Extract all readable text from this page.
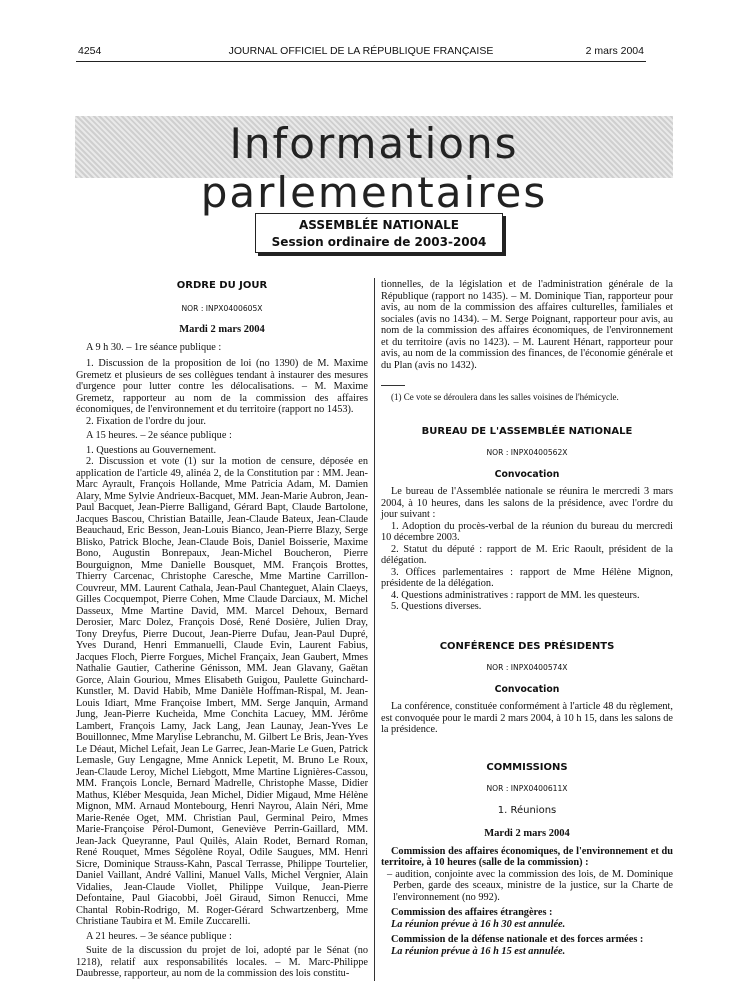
4254	JOURNAL OFFICIEL DE LA RÉPUBLIQUE FRANÇAISE	2 mars 2004
Informations parlementaires
ASSEMBLÉE NATIONALE
Session ordinaire de 2003-2004

ORDRE DU JOUR

NOR : INPX0400605X

Mardi 2 mars 2004

A 9 h 30. – 1re séance publique :

1. Discussion de la proposition de loi (no 1390) de M. Maxime Gremetz et plusieurs de ses collègues tendant à instaurer des mesures d'urgence pour lutter contre les délocalisations. – M. Maxime Gremetz, rapporteur au nom de la commission des affaires économiques, de l'environnement et du territoire (rapport no 1453).

2. Fixation de l'ordre du jour.

A 15 heures. – 2e séance publique :

1. Questions au Gouvernement.

2. Discussion et vote (1) sur la motion de censure, déposée en application de l'article 49, alinéa 2, de la Constitution par : MM. Jean-Marc Ayrault, François Hollande, Mme Patricia Adam, M. Damien Alary, Mme Sylvie Andrieux-Bacquet, MM. Jean-Marie Aubron, Jean-Paul Bacquet, Jean-Pierre Balligand, Gérard Bapt, Claude Bartolone, Jacques Bascou, Christian Bataille, Jean-Claude Bateux, Jean-Claude Beauchaud, Eric Besson, Jean-Louis Bianco, Jean-Pierre Blazy, Serge Blisko, Patrick Bloche, Jean-Claude Bois, Daniel Boisserie, Maxime Bono, Augustin Bonrepaux, Jean-Michel Boucheron, Pierre Bourguignon, Mme Danielle Bousquet, MM. François Brottes, Thierry Carcenac, Christophe Caresche, Mme Martine Carrillon-Couvreur, MM. Laurent Cathala, Jean-Paul Chanteguet, Alain Claeys, Gilles Cocquempot, Pierre Cohen, Mme Claude Darciaux, M. Michel Dasseux, Mme Martine David, MM. Marcel Dehoux, Bernard Derosier, Marc Dolez, François Dosé, René Dosière, Julien Dray, Tony Dreyfus, Pierre Ducout, Jean-Pierre Dufau, Jean-Paul Dupré, Yves Durand, Henri Emmanuelli, Claude Evin, Laurent Fabius, Jacques Floch, Pierre Forgues, Michel Françaix, Jean Gaubert, Mmes Nathalie Gautier, Catherine Génisson, MM. Jean Glavany, Gaëtan Gorce, Alain Gouriou, Mmes Elisabeth Guigou, Paulette Guinchard-Kunstler, M. David Habib, Mme Danièle Hoffman-Rispal, M. Jean-Louis Idiart, Mme Françoise Imbert, MM. Serge Janquin, Armand Jung, Jean-Pierre Kucheida, Mme Conchita Lacuey, MM. Jérôme Lambert, François Lamy, Jack Lang, Jean Launay, Jean-Yves Le Bouillonnec, Mme Marylise Lebranchu, M. Gilbert Le Bris, Jean-Yves Le Déaut, Michel Lefait, Jean Le Garrec, Jean-Marie Le Guen, Patrick Lemasle, Guy Lengagne, Mme Annick Lepetit, M. Bruno Le Roux, Jean-Claude Leroy, Michel Liebgott, Mme Martine Lignières-Cassou, MM. François Loncle, Bernard Madrelle, Christophe Masse, Didier Mathus, Kléber Mesquida, Jean Michel, Didier Migaud, Mme Hélène Mignon, MM. Arnaud Montebourg, Henri Nayrou, Alain Néri, Mme Marie-Renée Oget, MM. Christian Paul, Germinal Peiro, Mmes Marie-Françoise Pérol-Dumont, Geneviève Perrin-Gaillard, MM. Jean-Jack Queyranne, Paul Quilès, Alain Rodet, Bernard Roman, René Rouquet, Mmes Ségolène Royal, Odile Saugues, MM. Henri Sicre, Dominique Strauss-Kahn, Pascal Terrasse, Philippe Tourtelier, Daniel Vaillant, André Vallini, Manuel Valls, Michel Vergnier, Alain Vidalies, Jean-Claude Viollet, Philippe Vuilque, Jean-Pierre Defontaine, Paul Giacobbi, Joël Giraud, Simon Renucci, Mme Chantal Robin-Rodrigo, M. Roger-Gérard Schwartzenberg, Mme Christiane Taubira et M. Emile Zuccarelli.

A 21 heures. – 3e séance publique :

Suite de la discussion du projet de loi, adopté par le Sénat (no 1218), relatif aux responsabilités locales. – M. Marc-Philippe Daubresse, rapporteur, au nom de la commission des lois constitu-

tionnelles, de la législation et de l'administration générale de la République (rapport no 1435). – M. Dominique Tian, rapporteur pour avis, au nom de la commission des affaires culturelles, familiales et sociales (avis no 1434). – M. Serge Poignant, rapporteur pour avis, au nom de la commission des affaires économiques, de l'environnement et du territoire (avis no 1423). – M. Laurent Hénart, rapporteur pour avis, au nom de la commission des finances, de l'économie générale et du Plan (avis no 1432).

(1) Ce vote se déroulera dans les salles voisines de l'hémicycle.

BUREAU DE L'ASSEMBLÉE NATIONALE

NOR : INPX0400562X

Convocation

Le bureau de l'Assemblée nationale se réunira le mercredi 3 mars 2004, à 10 heures, dans les salons de la présidence, avec l'ordre du jour suivant :

1. Adoption du procès-verbal de la réunion du bureau du mercredi 10 décembre 2003.

2. Statut du député : rapport de M. Eric Raoult, président de la délégation.

3. Offices parlementaires : rapport de Mme Hélène Mignon, présidente de la délégation.

4. Questions administratives : rapport de MM. les questeurs.

5. Questions diverses.

CONFÉRENCE DES PRÉSIDENTS

NOR : INPX0400574X

Convocation

La conférence, constituée conformément à l'article 48 du règlement, est convoquée pour le mardi 2 mars 2004, à 10 h 15, dans les salons de la présidence.

COMMISSIONS

NOR : INPX0400611X

1. Réunions

Mardi 2 mars 2004

Commission des affaires économiques, de l'environnement et du territoire, à 10 heures (salle de la commission) :

– audition, conjointe avec la commission des lois, de M. Dominique Perben, garde des sceaux, ministre de la justice, sur la Charte de l'environnement (no 992).

Commission des affaires étrangères :

La réunion prévue à 16 h 30 est annulée.

Commission de la défense nationale et des forces armées :

La réunion prévue à 16 h 15 est annulée.
